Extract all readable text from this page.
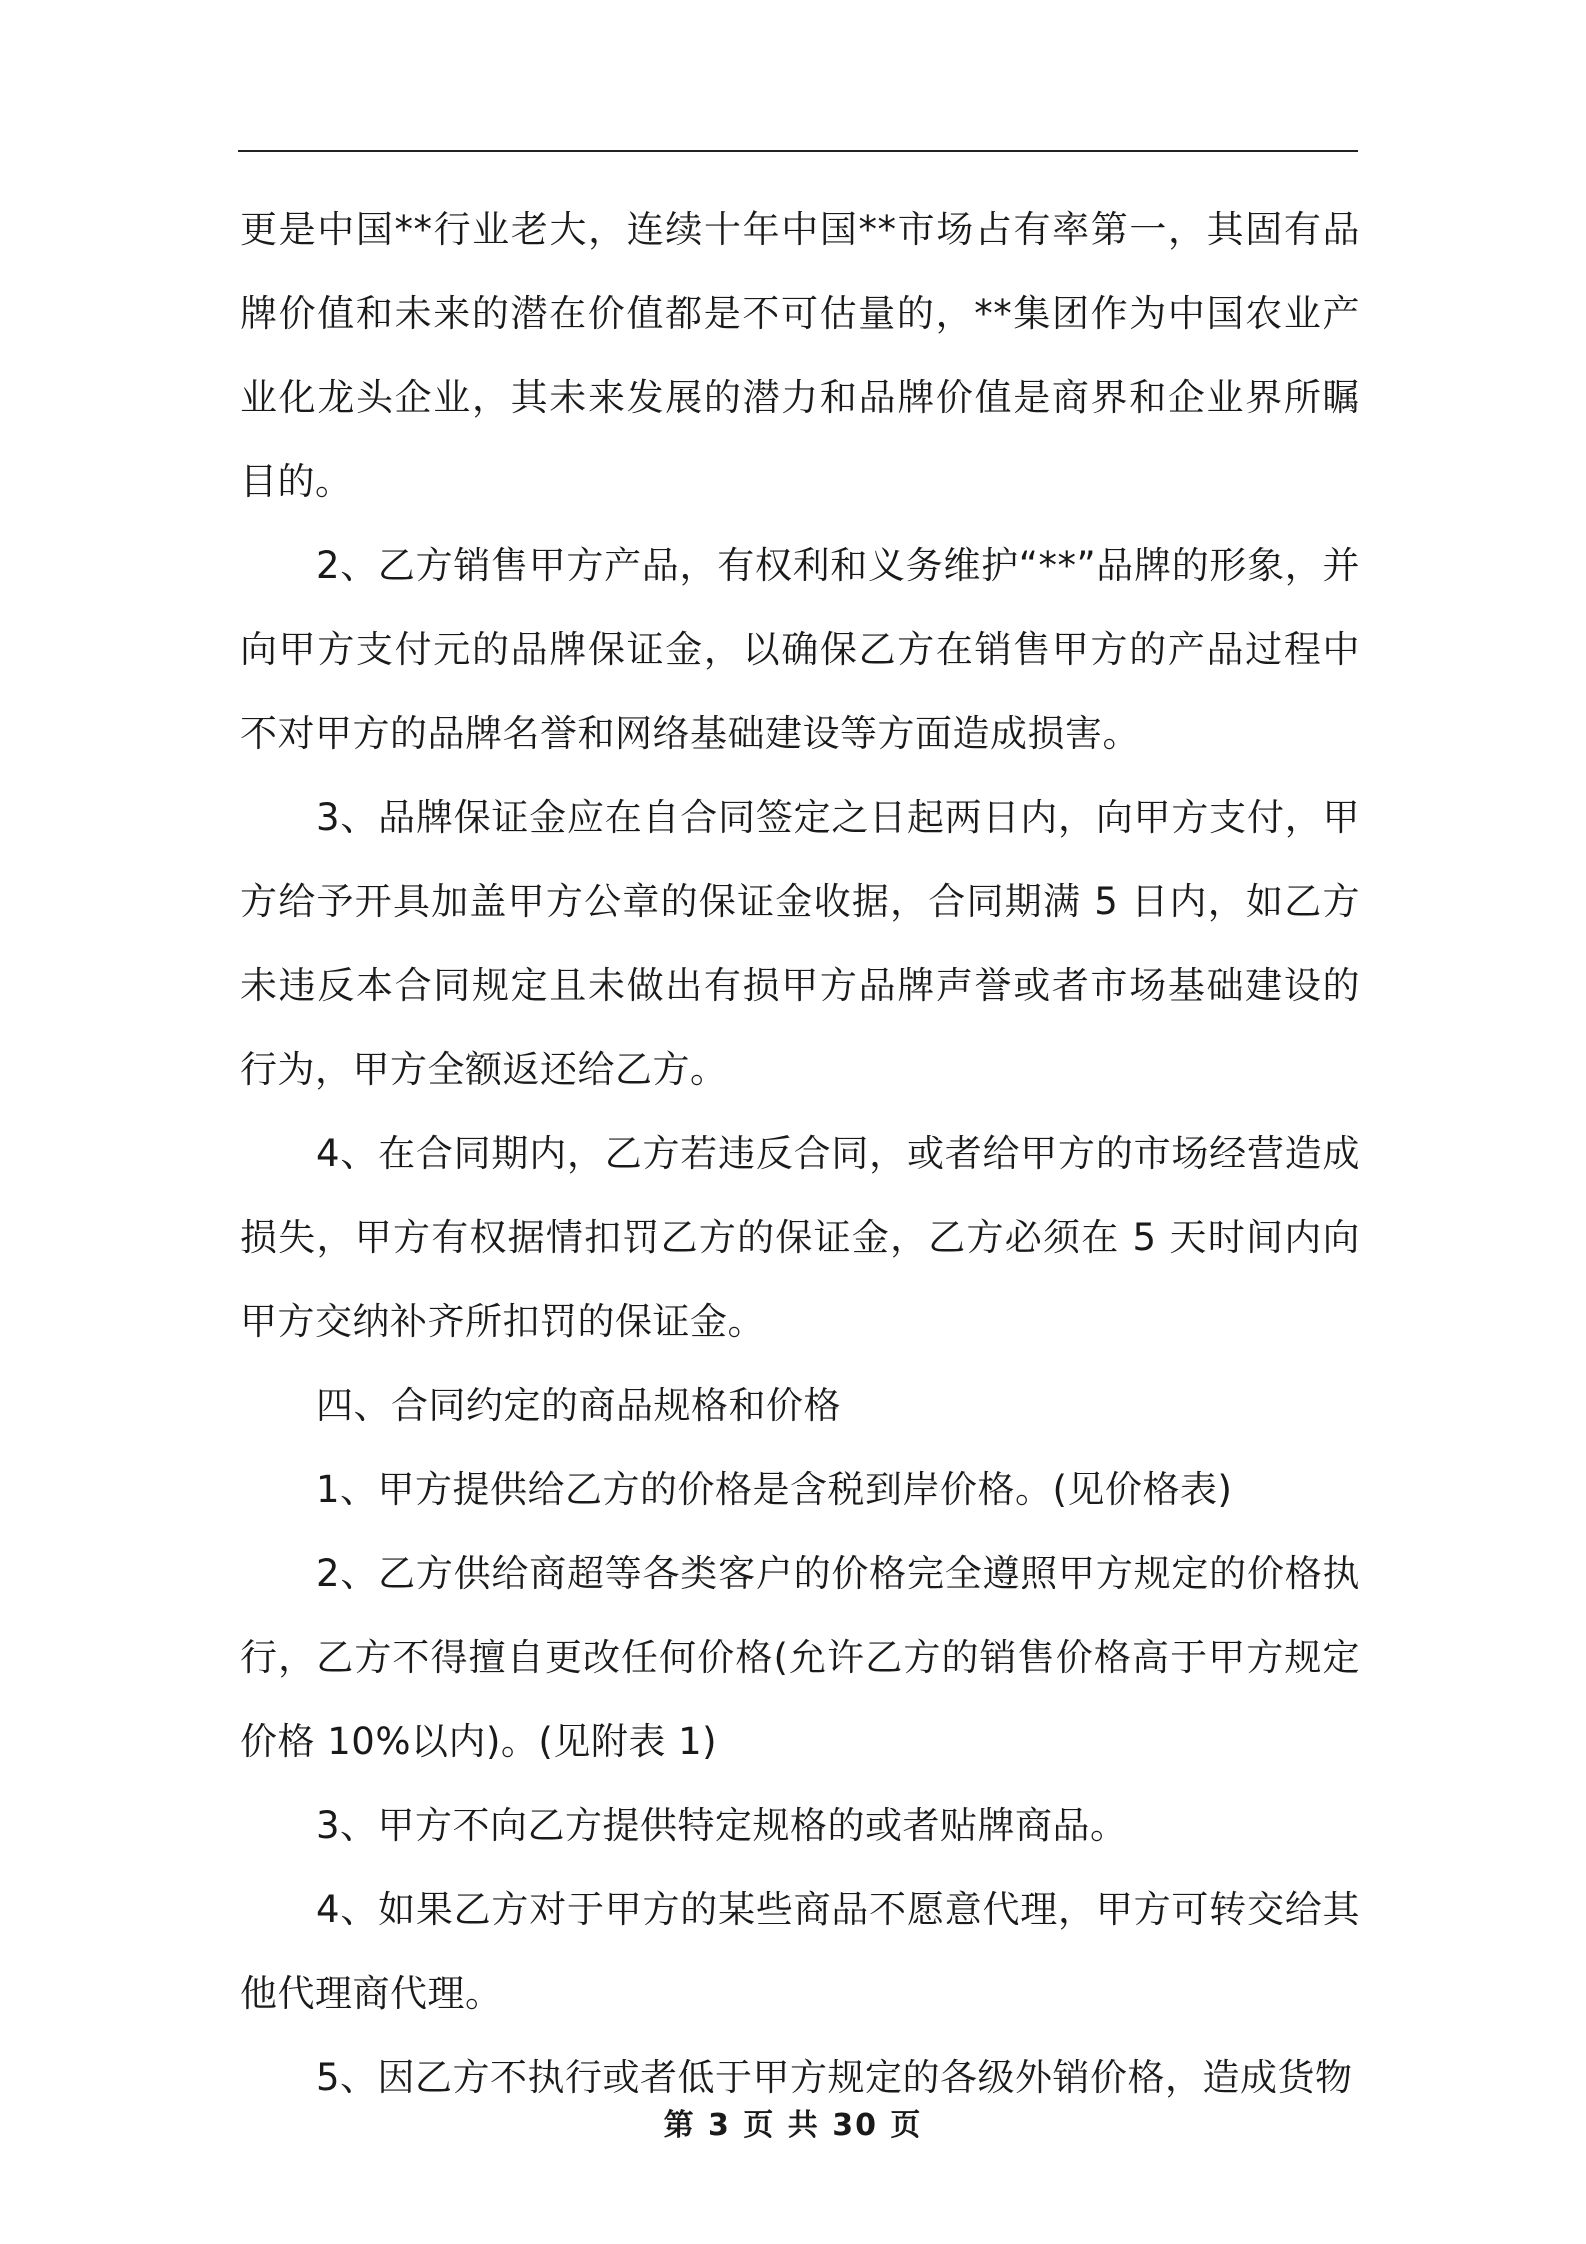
更是中国**行业老大，连续十年中国**市场占有率第一，其固有品牌价值和未来的潜在价值都是不可估量的，**集团作为中国农业产业化龙头企业，其未来发展的潜力和品牌价值是商界和企业界所瞩目的。

2、乙方销售甲方产品，有权利和义务维护“**”品牌的形象，并向甲方支付元的品牌保证金，以确保乙方在销售甲方的产品过程中不对甲方的品牌名誉和网络基础建设等方面造成损害。

3、品牌保证金应在自合同签定之日起两日内，向甲方支付，甲方给予开具加盖甲方公章的保证金收据，合同期满 5 日内，如乙方未违反本合同规定且未做出有损甲方品牌声誉或者市场基础建设的行为，甲方全额返还给乙方。

4、在合同期内，乙方若违反合同，或者给甲方的市场经营造成损失，甲方有权据情扣罚乙方的保证金，乙方必须在 5 天时间内向甲方交纳补齐所扣罚的保证金。

四、合同约定的商品规格和价格

1、甲方提供给乙方的价格是含税到岸价格。(见价格表)

2、乙方供给商超等各类客户的价格完全遵照甲方规定的价格执行，乙方不得擅自更改任何价格(允许乙方的销售价格高于甲方规定价格 10%以内)。(见附表 1)

3、甲方不向乙方提供特定规格的或者贴牌商品。

4、如果乙方对于甲方的某些商品不愿意代理，甲方可转交给其他代理商代理。

5、因乙方不执行或者低于甲方规定的各级外销价格，造成货物

第 3 页 共 30 页
